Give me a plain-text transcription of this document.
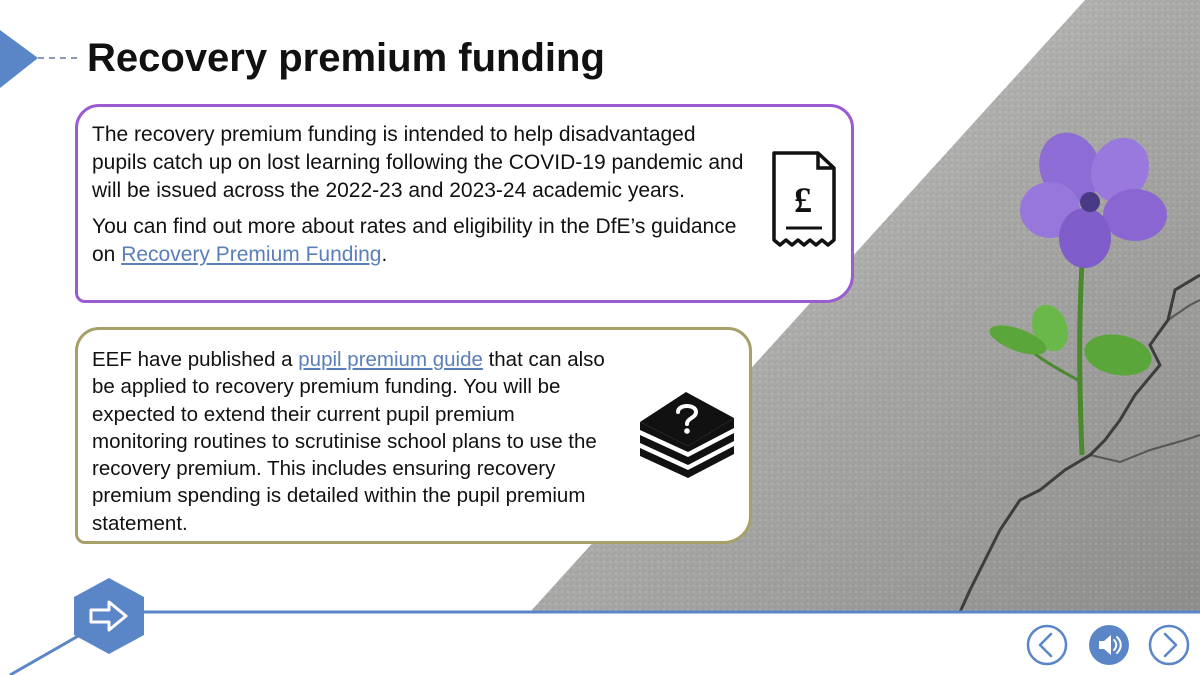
Recovery premium funding

The recovery premium funding is intended to help disadvantaged pupils catch up on lost learning following the COVID-19 pandemic and will be issued across the 2022-23 and 2023-24 academic years.

You can find out more about rates and eligibility in the DfE’s guidance on Recovery Premium Funding.

£

EEF have published a pupil premium guide that can also be applied to recovery premium funding. You will be expected to extend their current pupil premium monitoring routines to scrutinise school plans to use the recovery premium. This includes ensuring recovery premium spending is detailed within the pupil premium statement.
